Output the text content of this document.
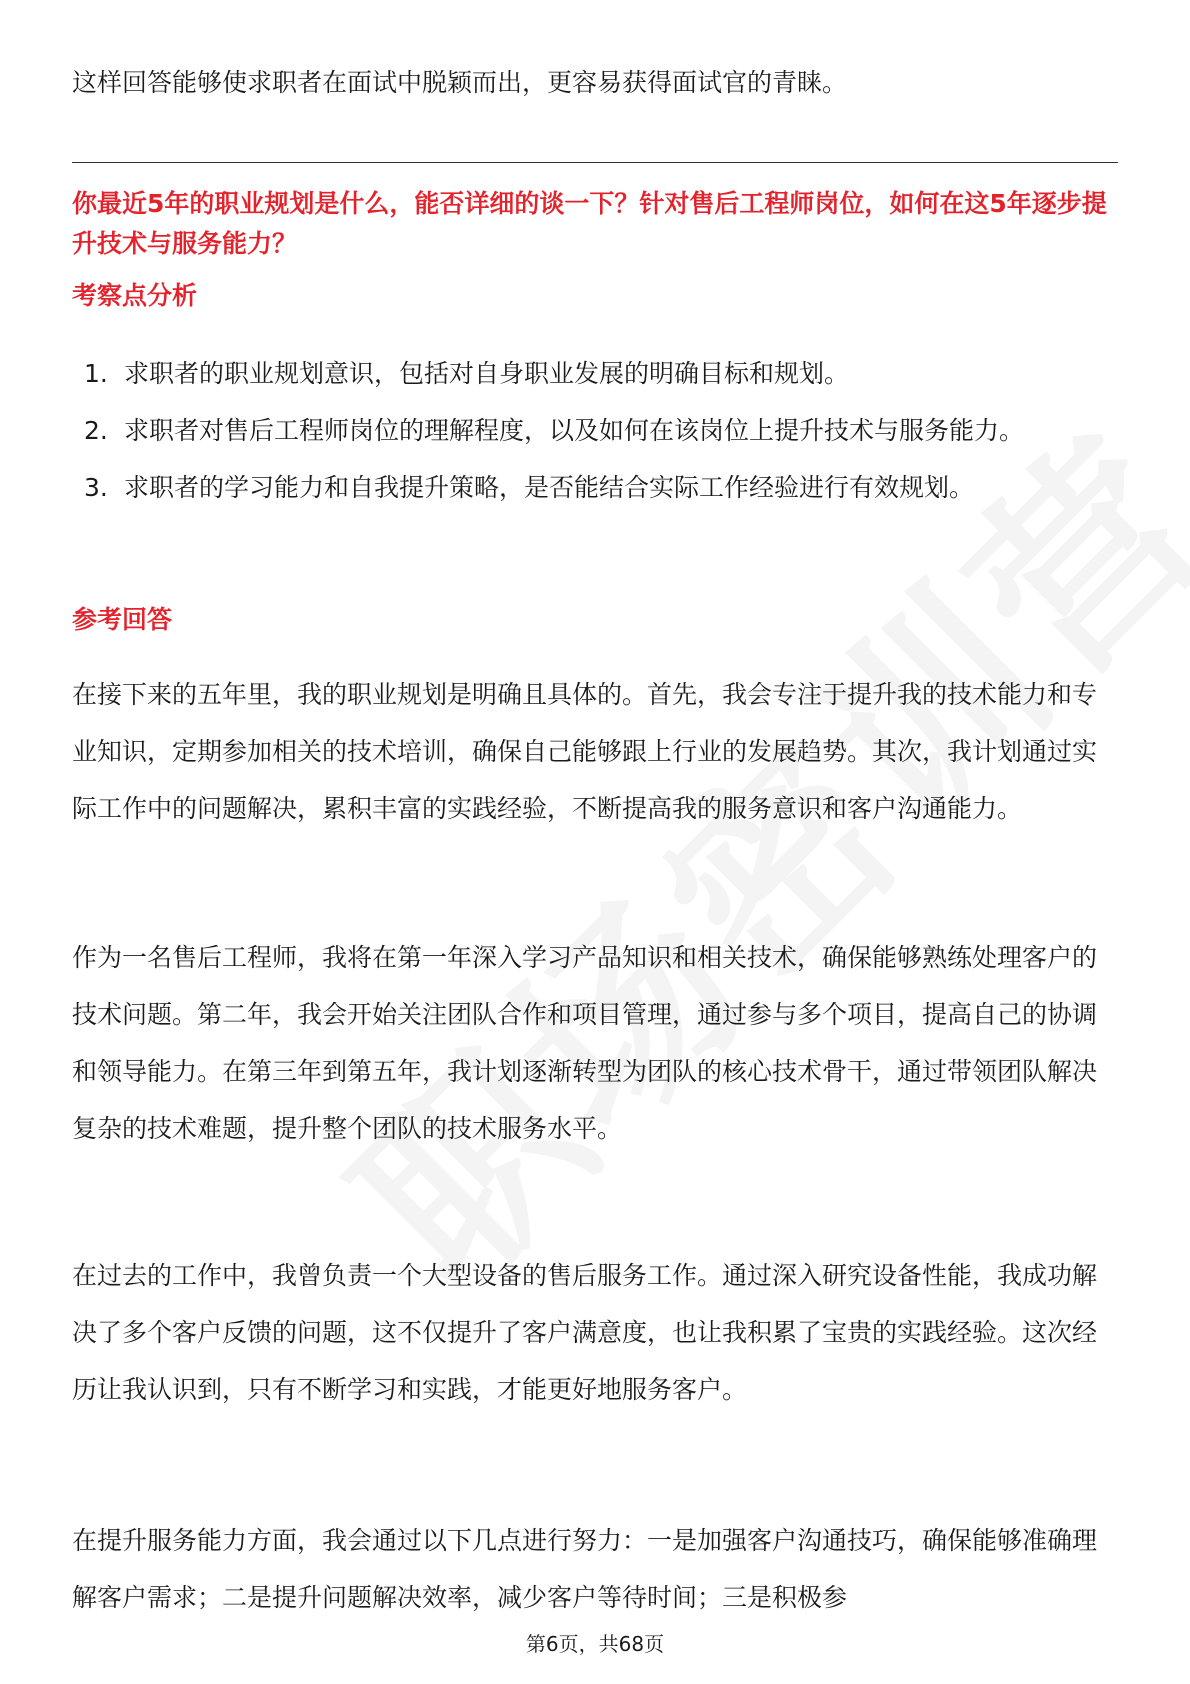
这样回答能够使求职者在面试中脱颖而出，更容易获得面试官的青睐。

你最近5年的职业规划是什么，能否详细的谈一下？针对售后工程师岗位，如何在这5年逐步提升技术与服务能力？

考察点分析

1. 求职者的职业规划意识，包括对自身职业发展的明确目标和规划。
2. 求职者对售后工程师岗位的理解程度，以及如何在该岗位上提升技术与服务能力。
3. 求职者的学习能力和自我提升策略，是否能结合实际工作经验进行有效规划。

参考回答

在接下来的五年里，我的职业规划是明确且具体的。首先，我会专注于提升我的技术能力和专业知识，定期参加相关的技术培训，确保自己能够跟上行业的发展趋势。其次，我计划通过实际工作中的问题解决，累积丰富的实践经验，不断提高我的服务意识和客户沟通能力。

作为一名售后工程师，我将在第一年深入学习产品知识和相关技术，确保能够熟练处理客户的技术问题。第二年，我会开始关注团队合作和项目管理，通过参与多个项目，提高自己的协调和领导能力。在第三年到第五年，我计划逐渐转型为团队的核心技术骨干，通过带领团队解决复杂的技术难题，提升整个团队的技术服务水平。

在过去的工作中，我曾负责一个大型设备的售后服务工作。通过深入研究设备性能，我成功解决了多个客户反馈的问题，这不仅提升了客户满意度，也让我积累了宝贵的实践经验。这次经历让我认识到，只有不断学习和实践，才能更好地服务客户。

在提升服务能力方面，我会通过以下几点进行努力：一是加强客户沟通技巧，确保能够准确理解客户需求；二是提升问题解决效率，减少客户等待时间；三是积极参

第6页，共68页
